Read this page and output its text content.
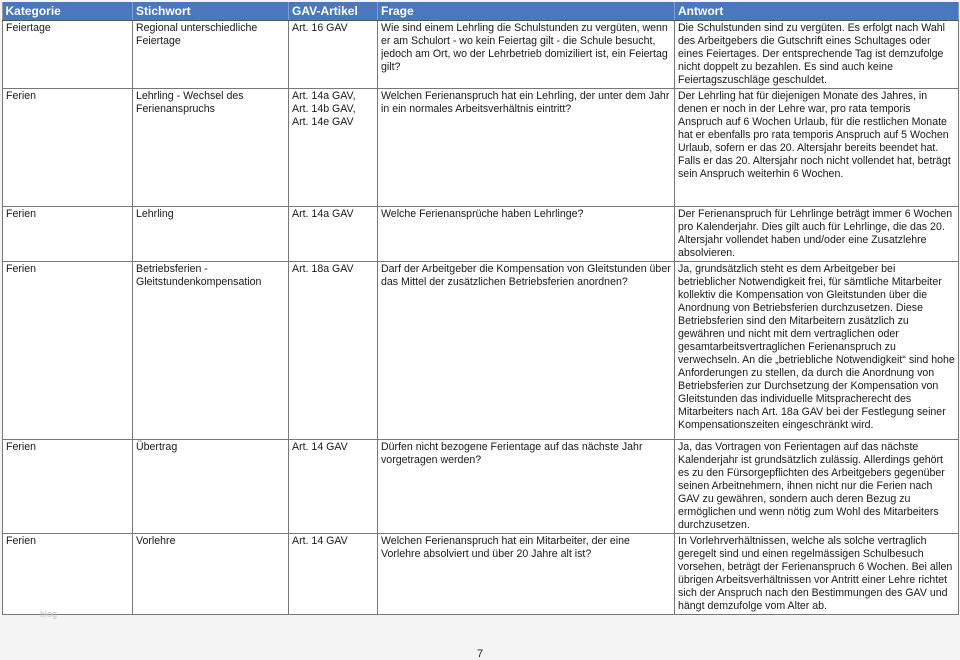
Kategorie	Stichwort	GAV-Artikel	Frage	Antwort
Feiertage	Regional unterschiedliche Feiertage	Art. 16 GAV	Wie sind einem Lehrling die Schulstunden zu vergüten, wenn er am Schulort - wo kein Feiertag gilt - die Schule besucht, jedoch am Ort, wo der Lehrbetrieb domiziliert ist, ein Feiertag gilt?	Die Schulstunden sind zu vergüten. Es erfolgt nach Wahl des Arbeitgebers die Gutschrift eines Schultages oder eines Feiertages. Der entsprechende Tag ist demzufolge nicht doppelt zu bezahlen. Es sind auch keine Feiertagszuschläge geschuldet.
Ferien	Lehrling - Wechsel des Ferienanspruchs	Art. 14a GAV, Art. 14b GAV, Art. 14e GAV	Welchen Ferienanspruch hat ein Lehrling, der unter dem Jahr in ein normales Arbeitsverhältnis eintritt?	Der Lehrling hat für diejenigen Monate des Jahres, in denen er noch in der Lehre war, pro rata temporis Anspruch auf 6 Wochen Urlaub, für die restlichen Monate hat er ebenfalls pro rata temporis Anspruch auf 5 Wochen Urlaub, sofern er das 20. Altersjahr bereits beendet hat. Falls er das 20. Altersjahr noch nicht vollendet hat, beträgt sein Anspruch weiterhin 6 Wochen.
Ferien	Lehrling	Art. 14a GAV	Welche Ferienansprüche haben Lehrlinge?	Der Ferienanspruch für Lehrlinge beträgt immer 6 Wochen pro Kalenderjahr. Dies gilt auch für Lehrlinge, die das 20. Altersjahr vollendet haben und/oder eine Zusatzlehre absolvieren.
Ferien	Betriebsferien - Gleitstundenkompensation	Art. 18a GAV	Darf der Arbeitgeber die Kompensation von Gleitstunden über das Mittel der zusätzlichen Betriebsferien anordnen?	Ja, grundsätzlich steht es dem Arbeitgeber bei betrieblicher Notwendigkeit frei, für sämtliche Mitarbeiter kollektiv die Kompensation von Gleitstunden über die Anordnung von Betriebsferien durchzusetzen. Diese Betriebsferien sind den Mitarbeitern zusätzlich zu gewähren und nicht mit dem vertraglichen oder gesamtarbeitsvertraglichen Ferienanspruch zu verwechseln. An die „betriebliche Notwendigkeit“ sind hohe Anforderungen zu stellen, da durch die Anordnung von Betriebsferien zur Durchsetzung der Kompensation von Gleitstunden das individuelle Mitspracherecht des Mitarbeiters nach Art. 18a GAV bei der Festlegung seiner Kompensationszeiten eingeschränkt wird.
Ferien	Übertrag	Art. 14 GAV	Dürfen nicht bezogene Ferientage auf das nächste Jahr vorgetragen werden?	Ja, das Vortragen von Ferientagen auf das nächste Kalenderjahr ist grundsätzlich zulässig. Allerdings gehört es zu den Fürsorgepflichten des Arbeitgebers gegenüber seinen Arbeitnehmern, ihnen nicht nur die Ferien nach GAV zu gewähren, sondern auch deren Bezug zu ermöglichen und wenn nötig zum Wohl des Mitarbeiters durchzusetzen.
Ferien	Vorlehre	Art. 14 GAV	Welchen Ferienanspruch hat ein Mitarbeiter, der eine Vorlehre absolviert und über 20 Jahre alt ist?	In Vorlehrverhältnissen, welche als solche vertraglich geregelt sind und einen regelmässigen Schulbesuch vorsehen, beträgt der Ferienanspruch 6 Wochen. Bei allen übrigen Arbeitsverhältnissen vor Antritt einer Lehre richtet sich der Anspruch nach den Bestimmungen des GAV und hängt demzufolge vom Alter ab.
blog
7
